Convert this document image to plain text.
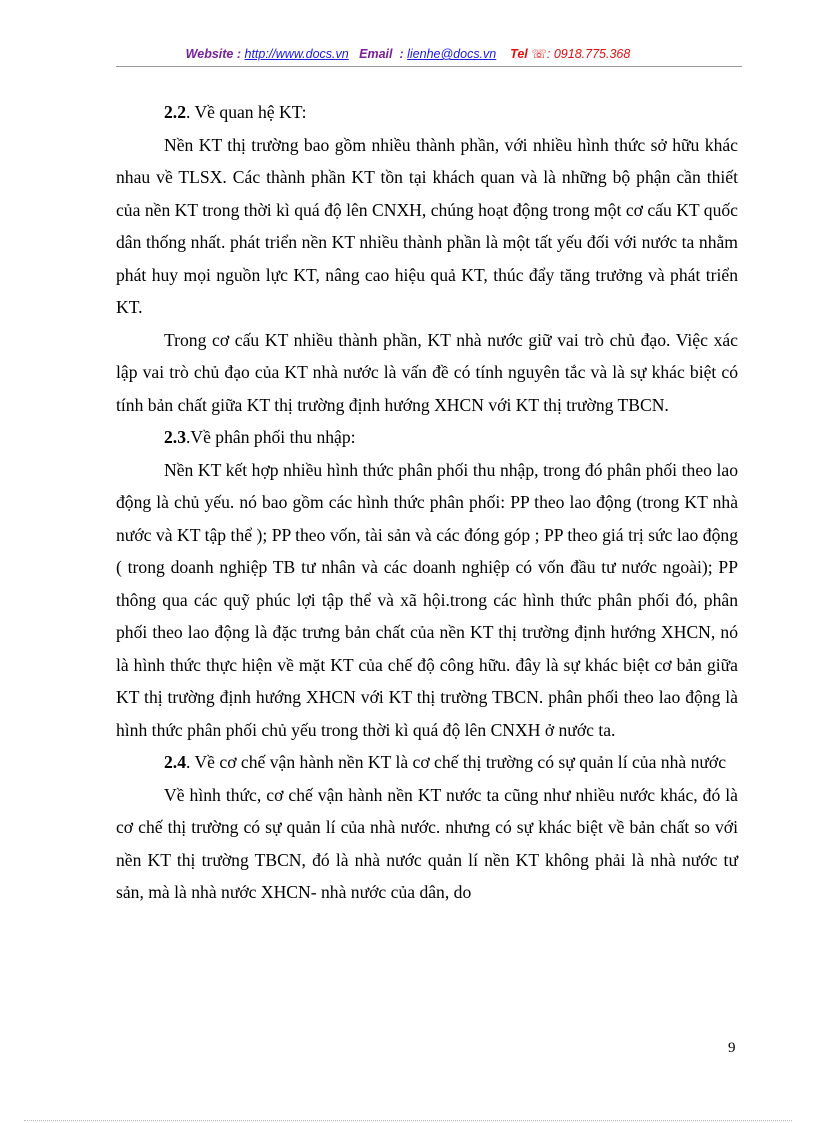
Website : http://www.docs.vn Email : lienhe@docs.vn Tel ☏: 0918.775.368

2.2. Về quan hệ KT:

Nền KT thị trường bao gồm nhiều thành phần, với nhiều hình thức sở hữu khác nhau về TLSX. Các thành phần KT tồn tại khách quan và là những bộ phận cần thiết của nền KT trong thời kì quá độ lên CNXH, chúng hoạt động trong một cơ cấu KT quốc dân thống nhất. phát triển nền KT nhiều thành phần là một tất yếu đối với nước ta nhằm phát huy mọi nguồn lực KT, nâng cao hiệu quả KT, thúc đẩy tăng trưởng và phát triển KT.

Trong cơ cấu KT nhiều thành phần, KT nhà nước giữ vai trò chủ đạo. Việc xác lập vai trò chủ đạo của KT nhà nước là vấn đề có tính nguyên tắc và là sự khác biệt có tính bản chất giữa KT thị trường định hướng XHCN với KT thị trường TBCN.

2.3.Về phân phối thu nhập:

Nền KT kết hợp nhiều hình thức phân phối thu nhập, trong đó phân phối theo lao động là chủ yếu. nó bao gồm các hình thức phân phối: PP theo lao động (trong KT nhà nước và KT tập thể ); PP theo vốn, tài sản và các đóng góp ; PP theo giá trị sức lao động ( trong doanh nghiệp TB tư nhân và các doanh nghiệp có vốn đầu tư nước ngoài); PP thông qua các quỹ phúc lợi tập thể và xã hội.trong các hình thức phân phối đó, phân phối theo lao động là đặc trưng bản chất của nền KT thị trường định hướng XHCN, nó là hình thức thực hiện về mặt KT của chế độ công hữu. đây là sự khác biệt cơ bản giữa KT thị trường định hướng XHCN với KT thị trường TBCN. phân phối theo lao động là hình thức phân phối chủ yếu trong thời kì quá độ lên CNXH ở nước ta.

2.4. Về cơ chế vận hành nền KT là cơ chế thị trường có sự quản lí của nhà nước

Về hình thức, cơ chế vận hành nền KT nước ta cũng như nhiều nước khác, đó là cơ chế thị trường có sự quản lí của nhà nước. nhưng có sự khác biệt về bản chất so với nền KT thị trường TBCN, đó là nhà nước quản lí nền KT không phải là nhà nước tư sản, mà là nhà nước XHCN- nhà nước của dân, do

9
